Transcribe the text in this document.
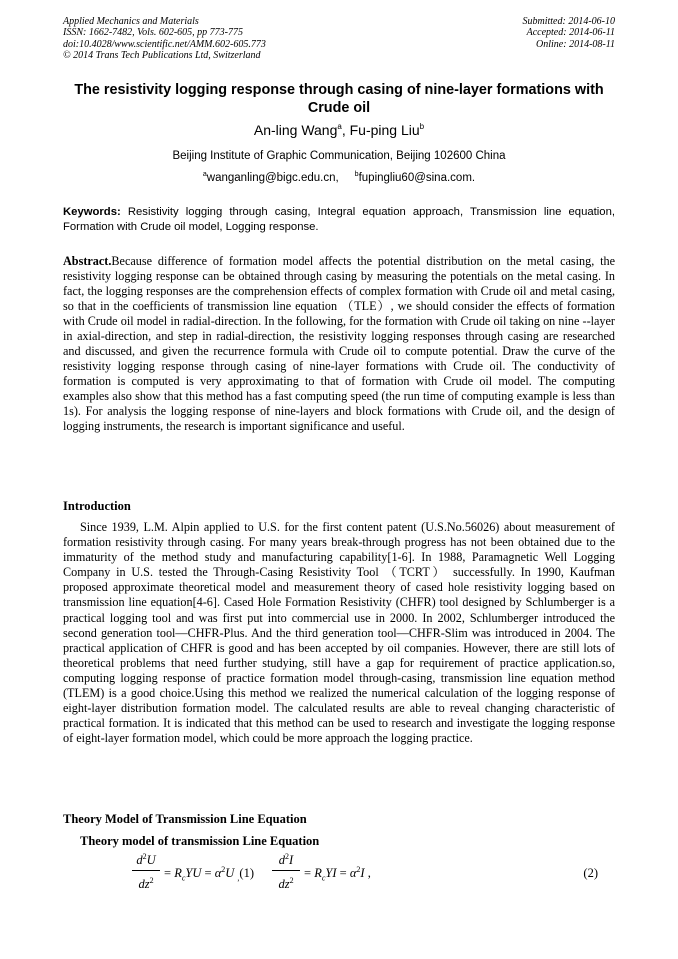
Applied Mechanics and Materials
ISSN: 1662-7482, Vols. 602-605, pp 773-775
doi:10.4028/www.scientific.net/AMM.602-605.773
© 2014 Trans Tech Publications Ltd, Switzerland
Submitted: 2014-06-10
Accepted: 2014-06-11
Online: 2014-08-11
The resistivity logging response through casing of nine-layer formations with Crude oil
An-ling Wang$^a$, Fu-ping Liu$^b$
Beijing Institute of Graphic Communication, Beijing 102600 China
$^a$wanganling@bigc.edu.cn, $^b$fupingliu60@sina.com.
Keywords: Resistivity logging through casing, Integral equation approach, Transmission line equation, Formation with Crude oil model, Logging response.
Abstract.Because difference of formation model affects the potential distribution on the metal casing, the resistivity logging response can be obtained through casing by measuring the potentials on the metal casing. In fact, the logging responses are the comprehension effects of complex formation with Crude oil and metal casing, so that in the coefficients of transmission line equation （TLE）, we should consider the effects of formation with Crude oil model in radial-direction. In the following, for the formation with Crude oil taking on nine --layer in axial-direction, and step in radial-direction, the resistivity logging responses through casing are researched and discussed, and given the recurrence formula with Crude oil to compute potential. Draw the curve of the resistivity logging response through casing of nine-layer formations with Crude oil. The conductivity of formation is computed is very approximating to that of formation with Crude oil model. The computing examples also show that this method has a fast computing speed (the run time of computing example is less than 1s). For analysis the logging response of nine-layers and block formations with Crude oil, and the design of logging instruments, the research is important significance and useful.
Introduction
Since 1939, L.M. Alpin applied to U.S. for the first content patent (U.S.No.56026) about measurement of formation resistivity through casing. For many years break-through progress has not been obtained due to the immaturity of the method study and manufacturing capability[1-6]. In 1988, Paramagnetic Well Logging Company in U.S. tested the Through-Casing Resistivity Tool （TCRT） successfully. In 1990, Kaufman proposed approximate theoretical model and measurement theory of cased hole resistivity logging based on transmission line equation[4-6]. Cased Hole Formation Resistivity (CHFR) tool designed by Schlumberger is a practical logging tool and was first put into commercial use in 2000. In 2002, Schlumberger introduced the second generation tool—CHFR-Plus. And the third generation tool—CHFR-Slim was introduced in 2004. The practical application of CHFR is good and has been accepted by oil companies. However, there are still lots of theoretical problems that need further studying, still have a gap for requirement of practice application.so, computing logging response of practice formation model through-casing, transmission line equation method (TLEM) is a good choice.Using this method we realized the numerical calculation of the logging response of eight-layer distribution formation model. The calculated results are able to reveal changing characteristic of practical formation. It is indicated that this method can be used to research and investigate the logging response of eight-layer formation model, which could be more approach the logging practice.
Theory Model of Transmission Line Equation
Theory model of transmission Line Equation
$d^2U$
$dz^2$
= $R_cYU = \alpha^2U$ $_,$(1)
$d^2I$
$dz^2$
= $R_cYI = \alpha^2I$ ,	(2)
